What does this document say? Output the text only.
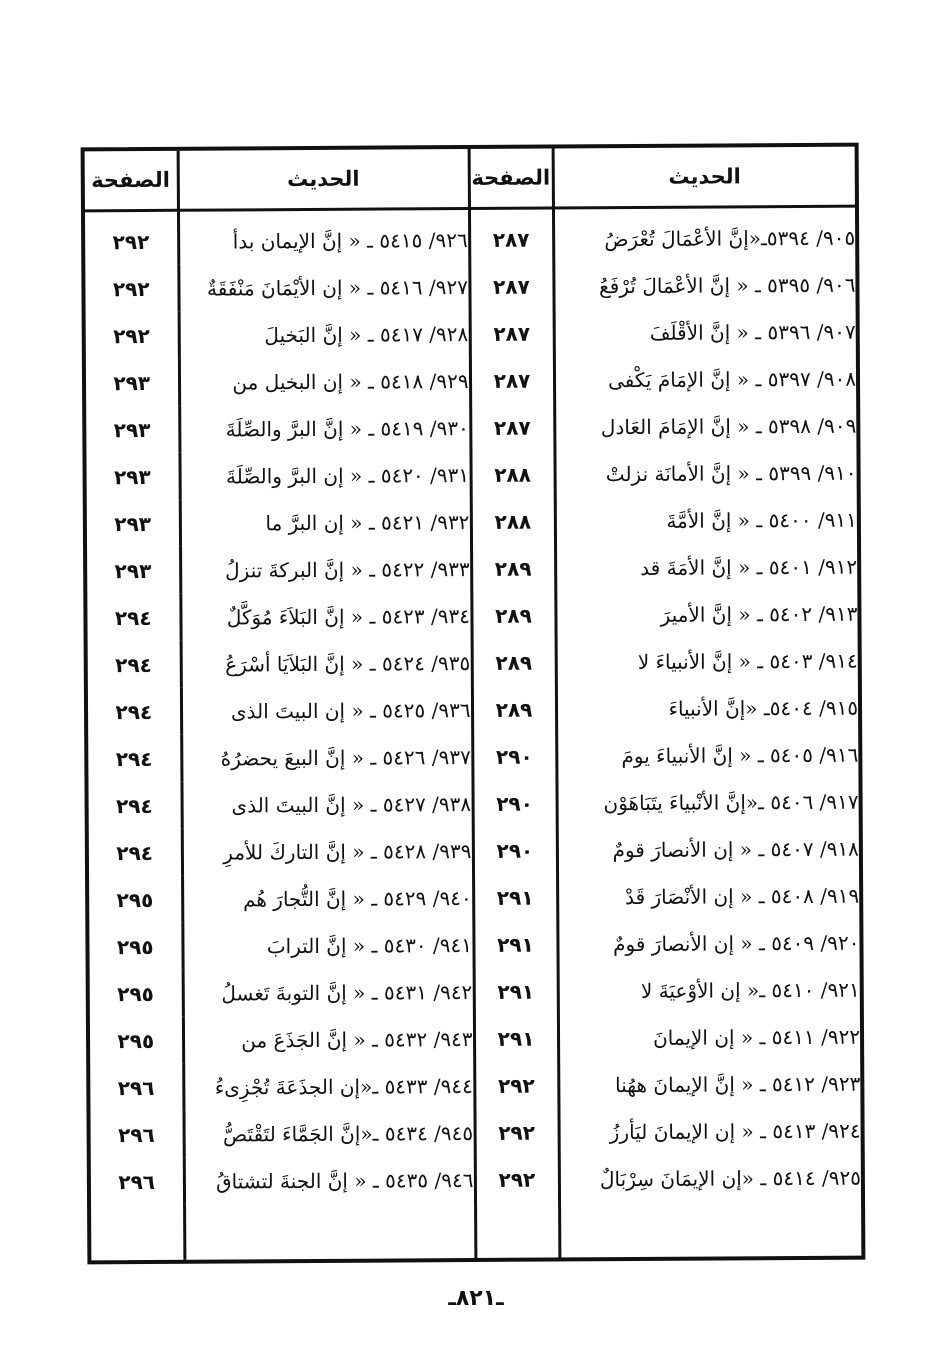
الحديث	الصفحة	الحديث	الصفحة
٩٠٥/ ٥٣٩٤ـ«إنَّ الأعْمَالَ تُعْرَضُ	٢٨٧	٩٢٦/ ٥٤١٥ ـ « إنَّ الإيمان بدأ	٢٩٢
٩٠٦/ ٥٣٩٥ ـ « إنَّ الأعْمَالَ تُرْفَعُ	٢٨٧	٩٢٧/ ٥٤١٦ ـ « إن الأيْمَانَ مَنْفَقَةٌ	٢٩٢
٩٠٧/ ٥٣٩٦ ـ « إنَّ الأقْلَفَ	٢٨٧	٩٢٨/ ٥٤١٧ ـ « إنَّ البَخيلَ	٢٩٢
٩٠٨/ ٥٣٩٧ ـ « إنَّ الإمَامَ يَكْفى	٢٨٧	٩٢٩/ ٥٤١٨ ـ « إن البخيل من	٢٩٣
٩٠٩/ ٥٣٩٨ ـ « إنَّ الإمَامَ العَادل	٢٨٧	٩٣٠/ ٥٤١٩ ـ « إنَّ البرَّ والصِّلَةَ	٢٩٣
٩١٠/ ٥٣٩٩ ـ « إنَّ الأمانَة نزلتْ	٢٨٨	٩٣١/ ٥٤٢٠ ـ « إن البرَّ والصِّلَةَ	٢٩٣
٩١١/ ٥٤٠٠ ـ « إنَّ الأمَّةَ	٢٨٨	٩٣٢/ ٥٤٢١ ـ « إن البرَّ ما	٢٩٣
٩١٢/ ٥٤٠١ ـ « إنَّ الأمَةَ قد	٢٨٩	٩٣٣/ ٥٤٢٢ ـ « إنَّ البركةَ تنزلُ	٢٩٣
٩١٣/ ٥٤٠٢ ـ « إنَّ الأميرَ	٢٨٩	٩٣٤/ ٥٤٢٣ ـ « إنَّ البَلاَءَ مُوَكَّلٌ	٢٩٤
٩١٤/ ٥٤٠٣ ـ « إنَّ الأنبياءَ لا	٢٨٩	٩٣٥/ ٥٤٢٤ ـ « إنَّ البَلاَيَا أسْرَعُ	٢٩٤
٩١٥/ ٥٤٠٤ـ «إنَّ الأنبياءَ	٢٨٩	٩٣٦/ ٥٤٢٥ ـ « إن البيتَ الذى	٢٩٤
٩١٦/ ٥٤٠٥ ـ « إنَّ الأنبياءَ يومَ	٢٩٠	٩٣٧/ ٥٤٢٦ ـ « إنَّ البيعَ يحضرُهُ	٢٩٤
٩١٧/ ٥٤٠٦ ـ«إنَّ الأنْبياءَ يتَبَاهَوْن	٢٩٠	٩٣٨/ ٥٤٢٧ ـ « إنَّ البيتَ الذى	٢٩٤
٩١٨/ ٥٤٠٧ ـ « إن الأنصارَ قومٌ	٢٩٠	٩٣٩/ ٥٤٢٨ ـ « إنَّ التاركَ للأمرِ	٢٩٤
٩١٩/ ٥٤٠٨ ـ « إن الأنْصَارَ قَدْ	٢٩١	٩٤٠/ ٥٤٢٩ ـ « إنَّ التُّجارَ هُم	٢٩٥
٩٢٠/ ٥٤٠٩ ـ « إن الأنصارَ قومٌ	٢٩١	٩٤١/ ٥٤٣٠ ـ « إنَّ الترابَ	٢٩٥
٩٢١/ ٥٤١٠ ـ« إن الأوْعيَةَ لا	٢٩١	٩٤٢/ ٥٤٣١ ـ « إنَّ التوبةَ تَغسلُ	٢٩٥
٩٢٢/ ٥٤١١ ـ « إن الإيمانَ	٢٩١	٩٤٣/ ٥٤٣٢ ـ « إنَّ الجَذَعَ من	٢٩٥
٩٢٣/ ٥٤١٢ ـ « إنَّ الإيمانَ ههُنا	٢٩٢	٩٤٤/ ٥٤٣٣ ـ«إن الجذَعَةَ تُجْزِىءُ	٢٩٦
٩٢٤/ ٥٤١٣ ـ « إن الإيمانَ ليَأرزُ	٢٩٢	٩٤٥/ ٥٤٣٤ ـ«إنَّ الجَمَّاءَ لتَقْتَصُّ	٢٩٦
٩٢٥/ ٥٤١٤ ـ «إن الإيمَانَ سِرْبَالٌ	٢٩٢	٩٤٦/ ٥٤٣٥ ـ « إنَّ الجنةَ لتشتاقُ	٢٩٦

ـ٨٢١ـ
